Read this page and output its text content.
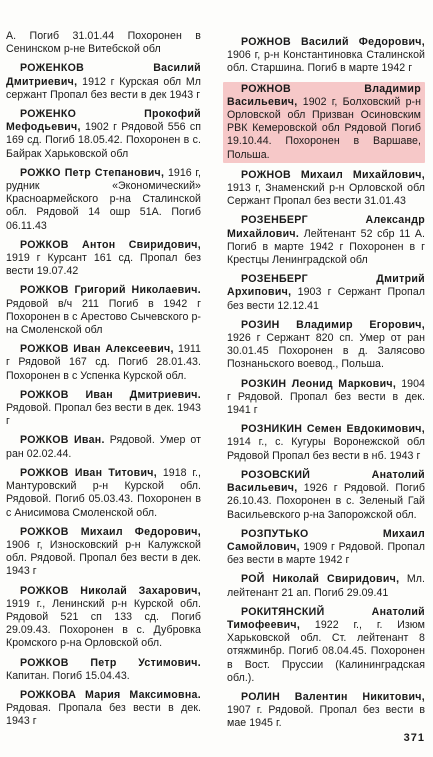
А. Погиб 31.01.44 Похоронен в Сенинском р-не Витебской обл

РОЖЕНКОВ Василий Дмитриевич, 1912 г Курская обл Мл сержант Пропал без вести в дек 1943 г

РОЖЕНКО Прокофий Мефодьевич, 1902 г Рядовой 556 сп 169 сд. Погиб 18.05.42. Похоронен в с. Байрак Харьковской обл

РОЖКО Петр Степанович, 1916 г, рудник «Экономический» Красноармейского р-на Сталинской обл. Рядовой 14 ошр 51А. Погиб 06.11.43

РОЖКОВ Антон Свиридович, 1919 г Курсант 161 сд. Пропал без вести 19.07.42

РОЖКОВ Григорий Николаевич. Рядовой в/ч 211 Погиб в 1942 г Похоронен в с Арестово Сычевского р-на Смоленской обл

РОЖКОВ Иван Алексеевич, 1911 г Рядовой 167 сд. Погиб 28.01.43. Похоронен в с Успенка Курской обл.

РОЖКОВ Иван Дмитриевич. Рядовой. Пропал без вести в дек. 1943 г

РОЖКОВ Иван. Рядовой. Умер от ран 02.02.44.

РОЖКОВ Иван Титович, 1918 г., Мантуровский р-н Курской обл. Рядовой. Погиб 05.03.43. Похоронен в с Анисимова Смоленской обл.

РОЖКОВ Михаил Федорович, 1906 г, Износковский р-н Калужской обл. Рядовой. Пропал без вести в дек. 1943 г

РОЖКОВ Николай Захарович, 1919 г., Ленинский р-н Курской обл. Рядовой 521 сп 133 сд. Погиб 29.09.43. Похоронен в с. Дубровка Кромского р-на Орловской обл.

РОЖКОВ Петр Устимович. Капитан. Погиб 15.04.43.

РОЖКОВА Мария Максимовна. Рядовая. Пропала без вести в дек. 1943 г

РОЖНОВ Василий Федорович, 1906 г, р-н Константиновка Сталинской обл. Старшина. Погиб в марте 1942 г

РОЖНОВ Владимир Васильевич, 1902 г, Болховский р-н Орловской обл Призван Осиновским РВК Кемеровской обл Рядовой Погиб 19.10.44. Похоронен в Варшаве, Польша.

РОЖНОВ Михаил Михайлович, 1913 г, Знаменский р-н Орловской обл Сержант Пропал без вести 31.01.43

РОЗЕНБЕРГ Александр Михайлович. Лейтенант 52 сбр 11 А. Погиб в марте 1942 г Похоронен в г Крестцы Ленинградской обл

РОЗЕНБЕРГ Дмитрий Архипович, 1903 г Сержант Пропал без вести 12.12.41

РОЗИН Владимир Егорович, 1926 г Сержант 820 сп. Умер от ран 30.01.45 Похоронен в д. Залясово Познаньского воевод., Польша.

РОЗКИН Леонид Маркович, 1904 г Рядовой. Пропал без вести в дек. 1941 г

РОЗНИКИН Семен Евдокимович, 1914 г., с. Кугуры Воронежской обл Рядовой Пропал без вести в нб. 1943 г

РОЗОВСКИЙ Анатолий Васильевич, 1926 г Рядовой. Погиб 26.10.43. Похоронен в с. Зеленый Гай Васильевского р-на Запорожской обл.

РОЗПУТЬКО Михаил Самойлович, 1909 г Рядовой. Пропал без вести в марте 1942 г

РОЙ Николай Свиридович, Мл. лейтенант 21 ап. Погиб 29.09.41

РОКИТЯНСКИЙ Анатолий Тимофеевич, 1922 г., г. Изюм Харьковской обл. Ст. лейтенант 8 отяжминбр. Погиб 08.04.45. Похоронен в Вост. Пруссии (Калининградская обл.).

РОЛИН Валентин Никитович, 1907 г. Рядовой. Пропал без вести в мае 1945 г.

371
